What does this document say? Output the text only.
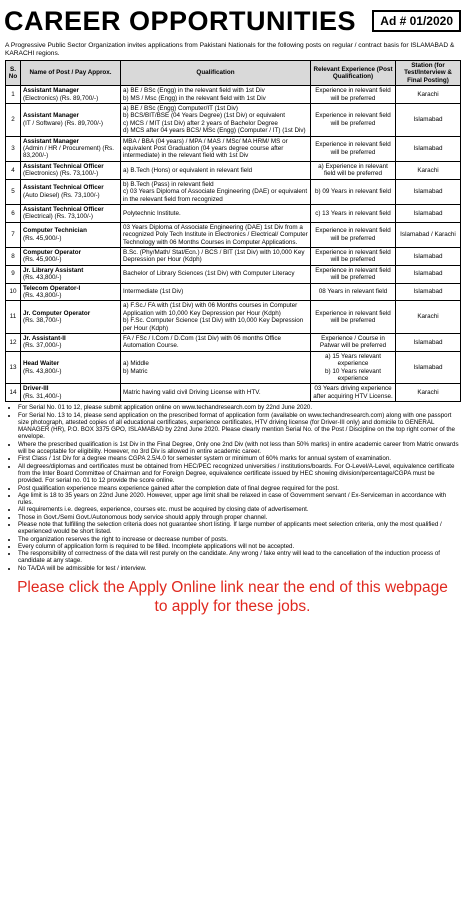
CAREER OPPORTUNITIES	Ad # 01/2020
A Progressive Public Sector Organization invites applications from Pakistani Nationals for the following posts on regular / contract basis for ISLAMABAD & KARACHI regions.
S. No	Name of Post / Pay Approx.	Qualification	Relevant Experience (Post Qualification)	Station (for Test/Interview & Final Posting)
1	Assistant Manager
(Electronics) (Rs. 89,700/-)	a) BE / BSc (Engg) in the relevant field with 1st Div
b) MS / Msc (Engg) in the relevant field with 1st Div	Experience in relevant field will be preferred	Karachi
2	Assistant Manager
(IT / Software) (Rs. 89,700/-)	a) BE / BSc (Engg) Computer/IT (1st Div)
b) BCS/BIT/BSE (04 Years Degree) (1st Div) or equivalent
c) MCS / MIT (1st Div) after 2 years of Bachelor Degree
d) MCS after 04 years BCS/ MSc (Engg) (Computer / IT) (1st Div)	Experience in relevant field will be preferred	Islamabad
3	Assistant Manager
(Admin / HR / Procurement) (Rs. 83,200/-)	MBA / BBA (04 years) / MPA / MAS / MSc/ MA HRM/ MS or equivalent Post Graduation (04 years degree course after intermediate) in the relevant field with 1st Div	Experience in relevant field will be preferred	Islamabad
4	Assistant Technical Officer
(Electronics) (Rs. 73,100/-)	a) B.Tech (Hons) or equivalent in relevant field	a) Experience in relevant field will be preferred	Karachi
5	Assistant Technical Officer
(Auto Diesel) (Rs. 73,100/-)	b) B.Tech (Pass) in relevant field
c) 03 Years Diploma of Associate Engineering (DAE) or equivalent in the relevant field from recognized	b) 09 Years in relevant field	Islamabad
6	Assistant Technical Officer
(Electrical) (Rs. 73,100/-)	Polytechnic Institute.	c) 13 Years in relevant field	Islamabad
7	Computer Technician
(Rs. 45,900/-)	03 Years Diploma of Associate Engineering (DAE) 1st Div from a recognized Poly Tech Institute in Electronics / Electrical/ Computer Technology with 06 Months Courses in Computer Applications.	Experience in relevant field will be preferred	Islamabad / Karachi
8	Computer Operator
(Rs. 45,900/-)	B.Sc. (Phy/Math/ Stat/Ecn.) / BCS / BIT (1st Div) with 10,000 Key Depression per Hour (Kdph)	Experience in relevant field will be preferred	Islamabad
9	Jr. Library Assistant
(Rs. 43,800/-)	Bachelor of Library Sciences (1st Div) with Computer Literacy	Experience in relevant field will be preferred	Islamabad
10	Telecom Operator-I
(Rs. 43,800/-)	Intermediate (1st Div)	08 Years in relevant field	Islamabad
11	Jr. Computer Operator
(Rs. 38,700/-)	a) F.Sc./ FA with (1st Div) with 06 Months courses in Computer Application with 10,000 Key Depression per Hour (Kdph)
b) F.Sc. Computer Science (1st Div) with 10,000 Key Depression per Hour (Kdph)	Experience in relevant field will be preferred	Karachi
12	Jr. Assistant-II
(Rs. 37,000/-)	FA / FSc / I.Com / D.Com (1st Div) with 06 months Office Automation Course.	Experience / Course in Patwar will be preferred	Islamabad
13	Head Waiter
(Rs. 43,800/-)	a) Middle
b) Matric	a) 15 Years relevant experience
b) 10 Years relevant experience	Islamabad
14	Driver-III
(Rs. 31,400/-)	Matric having valid civil Driving License with HTV.	03 Years driving experience after acquiring HTV License.	Karachi
• For Serial No. 01 to 12, please submit application online on www.techandresearch.com by 22nd June 2020.
• For Serial No. 13 to 14, please send application on the prescribed format of application form (available on www.techandresearch.com) along with one passport size photograph, attested copies of all educational certificates, experience certificates, HTV driving license (for Driver-III only) and domicile to GENERAL MANAGER (HR), P.O. BOX 3375 GPO, ISLAMABAD by 22nd June 2020. Please clearly mention Serial No. of the Post / Discipline on the top right corner of the envelope.
• Where the prescribed qualification is 1st Div in the Final Degree, Only one 2nd Div (with not less than 50% marks) in entire academic career from Matric onwards will be acceptable for eligibility. However, no 3rd Div is allowed in entire academic career.
• First Class / 1st Div for a degree means CGPA 2.5/4.0 for semester system or minimum of 60% marks for annual system of examination.
• All degrees/diplomas and certificates must be obtained from HEC/PEC recognized universities / institutions/boards. For O-Level/A-Level, equivalence certificate from the Inter Board Committee of Chairman and for Foreign Degree, equivalence certificate issued by HEC showing division/percentage/CGPA must be provided. For serial no. 01 to 12 provide the score online.
• Post qualification experience means experience gained after the completion date of final degree required for the post.
• Age limit is 18 to 35 years on 22nd June 2020. However, upper age limit shall be relaxed in case of Government servant / Ex-Serviceman in accordance with rules.
• All requirements i.e. degrees, experience, courses etc. must be acquired by closing date of advertisement.
• Those in Govt./Semi Govt./Autonomous body service should apply through proper channel.
• Please note that fulfilling the selection criteria does not guarantee short listing. If large number of applicants meet selection criteria, only the most qualified / experienced would be short listed.
• The organization reserves the right to increase or decrease number of posts.
• Every column of application form is required to be filled. Incomplete applications will not be accepted.
• The responsibility of correctness of the data will rest purely on the candidate. Any wrong / fake entry will lead to the cancellation of the induction process of candidate at any stage.
• No TA/DA will be admissible for test / interview.
Please click the Apply Online link near the end of this webpage to apply for these jobs.
